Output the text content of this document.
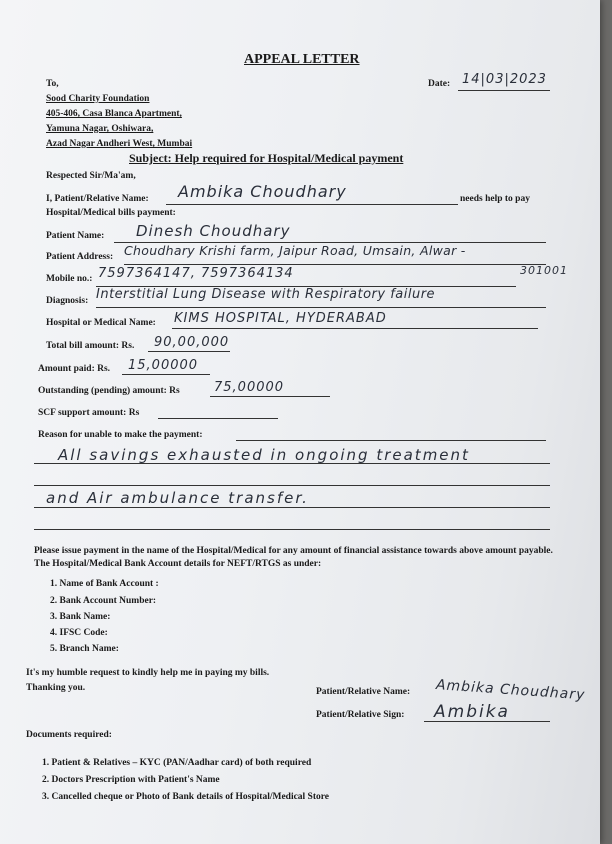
APPEAL LETTER
To,
Sood Charity Foundation
405-406, Casa Blanca Apartment,
Yamuna Nagar, Oshiwara,
Azad Nagar Andheri West, Mumbai
Date: 14|03|2023
Subject: Help required for Hospital/Medical payment
Respected Sir/Ma'am,
I, Patient/Relative Name: Ambika Choudhary	needs help to pay
Hospital/Medical bills payment:
Patient Name: Dinesh Choudhary
Patient Address: Choudhary Krishi farm, Jaipur Road, Umsain, Alwar -
301001
Mobile no.: 7597364147, 7597364134
Diagnosis: Interstitial Lung Disease with Respiratory failure
Hospital or Medical Name: KIMS HOSPITAL, HYDERABAD
Total bill amount: Rs. 90,00,000
Amount paid: Rs. 15,00000
Outstanding (pending) amount: Rs	75,00000
SCF support amount: Rs
Reason for unable to make the payment:
All savings exhausted in ongoing treatment
and Air ambulance transfer.
Please issue payment in the name of the Hospital/Medical for any amount of financial assistance towards above amount payable. The Hospital/Medical Bank Account details for NEFT/RTGS as under:
1. Name of Bank Account :
2. Bank Account Number:
3. Bank Name:
4. IFSC Code:
5. Branch Name:
It's my humble request to kindly help me in paying my bills.
Thanking you.	Patient/Relative Name: Ambika Choudhary
Patient/Relative Sign: Ambika
Documents required:
1. Patient & Relatives – KYC (PAN/Aadhar card) of both required
2. Doctors Prescription with Patient's Name
3. Cancelled cheque or Photo of Bank details of Hospital/Medical Store
